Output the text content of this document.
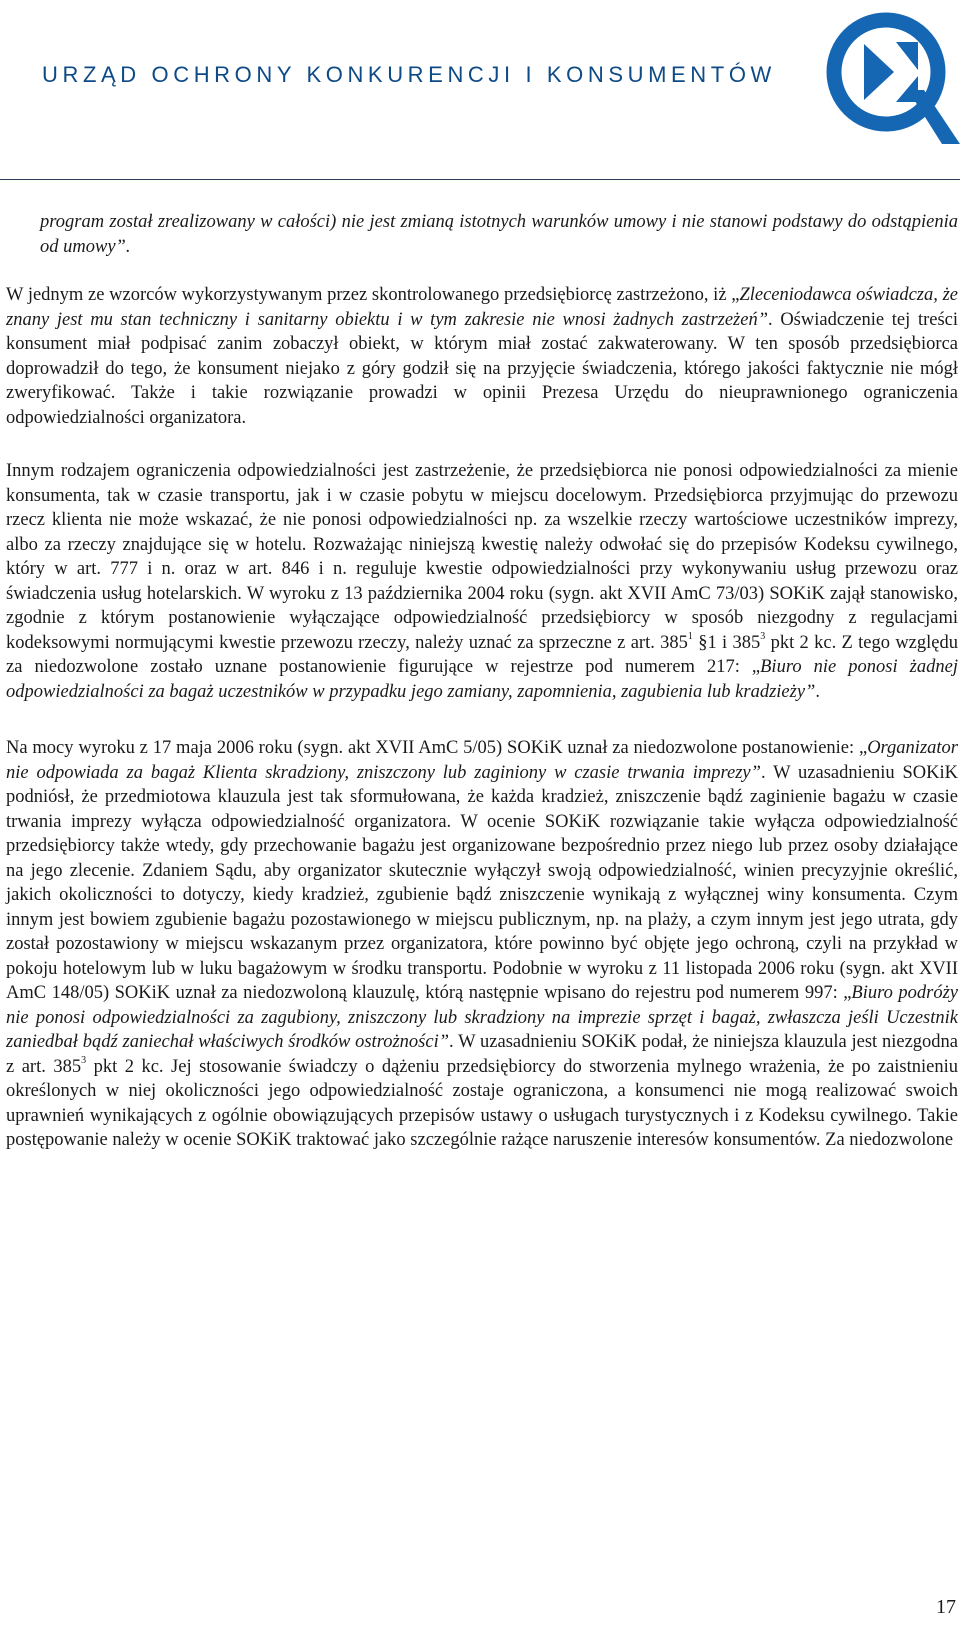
URZĄD OCHRONY KONKURENCJI I KONSUMENTÓW

program został zrealizowany w całości) nie jest zmianą istotnych warunków umowy i nie stanowi podstawy do odstąpienia od umowy”.

W jednym ze wzorców wykorzystywanym przez skontrolowanego przedsiębiorcę zastrzeżono, iż „Zleceniodawca oświadcza, że znany jest mu stan techniczny i sanitarny obiektu i w tym zakresie nie wnosi żadnych zastrzeżeń”. Oświadczenie tej treści konsument miał podpisać zanim zobaczył obiekt, w którym miał zostać zakwaterowany. W ten sposób przedsiębiorca doprowadził do tego, że konsument niejako z góry godził się na przyjęcie świadczenia, którego jakości faktycznie nie mógł zweryfikować. Także i takie rozwiązanie prowadzi w opinii Prezesa Urzędu do nieuprawnionego ograniczenia odpowiedzialności organizatora.

Innym rodzajem ograniczenia odpowiedzialności jest zastrzeżenie, że przedsiębiorca nie ponosi odpowiedzialności za mienie konsumenta, tak w czasie transportu, jak i w czasie pobytu w miejscu docelowym. Przedsiębiorca przyjmując do przewozu rzecz klienta nie może wskazać, że nie ponosi odpowiedzialności np. za wszelkie rzeczy wartościowe uczestników imprezy, albo za rzeczy znajdujące się w hotelu. Rozważając niniejszą kwestię należy odwołać się do przepisów Kodeksu cywilnego, który w art. 777 i n. oraz w art. 846 i n. reguluje kwestie odpowiedzialności przy wykonywaniu usług przewozu oraz świadczenia usług hotelarskich. W wyroku z 13 października 2004 roku (sygn. akt XVII AmC 73/03) SOKiK zajął stanowisko, zgodnie z którym postanowienie wyłączające odpowiedzialność przedsiębiorcy w sposób niezgodny z regulacjami kodeksowymi normującymi kwestie przewozu rzeczy, należy uznać za sprzeczne z art. $385^1$ §1 i $385^3$ pkt 2 kc. Z tego względu za niedozwolone zostało uznane postanowienie figurujące w rejestrze pod numerem 217: „Biuro nie ponosi żadnej odpowiedzialności za bagaż uczestników w przypadku jego zamiany, zapomnienia, zagubienia lub kradzieży”.

Na mocy wyroku z 17 maja 2006 roku (sygn. akt XVII AmC 5/05) SOKiK uznał za niedozwolone postanowienie: „Organizator nie odpowiada za bagaż Klienta skradziony, zniszczony lub zaginiony w czasie trwania imprezy”. W uzasadnieniu SOKiK podniósł, że przedmiotowa klauzula jest tak sformułowana, że każda kradzież, zniszczenie bądź zaginienie bagażu w czasie trwania imprezy wyłącza odpowiedzialność organizatora. W ocenie SOKiK rozwiązanie takie wyłącza odpowiedzialność przedsiębiorcy także wtedy, gdy przechowanie bagażu jest organizowane bezpośrednio przez niego lub przez osoby działające na jego zlecenie. Zdaniem Sądu, aby organizator skutecznie wyłączył swoją odpowiedzialność, winien precyzyjnie określić, jakich okoliczności to dotyczy, kiedy kradzież, zgubienie bądź zniszczenie wynikają z wyłącznej winy konsumenta. Czym innym jest bowiem zgubienie bagażu pozostawionego w miejscu publicznym, np. na plaży, a czym innym jest jego utrata, gdy został pozostawiony w miejscu wskazanym przez organizatora, które powinno być objęte jego ochroną, czyli na przykład w pokoju hotelowym lub w luku bagażowym w środku transportu. Podobnie w wyroku z 11 listopada 2006 roku (sygn. akt XVII AmC 148/05) SOKiK uznał za niedozwoloną klauzulę, którą następnie wpisano do rejestru pod numerem 997: „Biuro podróży nie ponosi odpowiedzialności za zagubiony, zniszczony lub skradziony na imprezie sprzęt i bagaż, zwłaszcza jeśli Uczestnik zaniedbał bądź zaniechał właściwych środków ostrożności”. W uzasadnieniu SOKiK podał, że niniejsza klauzula jest niezgodna z art. $385^3$ pkt 2 kc. Jej stosowanie świadczy o dążeniu przedsiębiorcy do stworzenia mylnego wrażenia, że po zaistnieniu określonych w niej okoliczności jego odpowiedzialność zostaje ograniczona, a konsumenci nie mogą realizować swoich uprawnień wynikających z ogólnie obowiązujących przepisów ustawy o usługach turystycznych i z Kodeksu cywilnego. Takie postępowanie należy w ocenie SOKiK traktować jako szczególnie rażące naruszenie interesów konsumentów. Za niedozwolone

17
